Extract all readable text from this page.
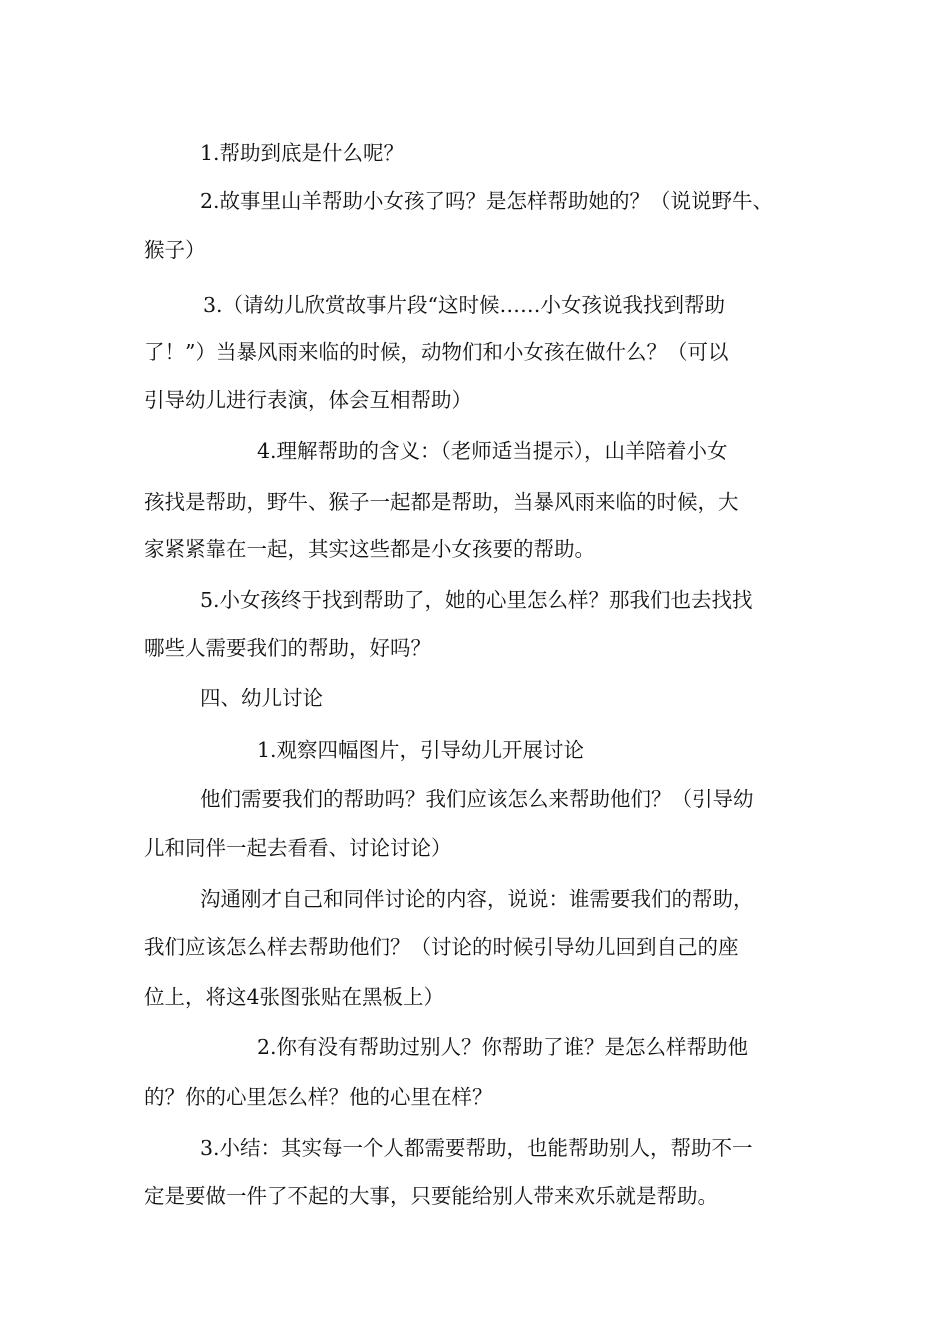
1.帮助到底是什么呢？

2.故事里山羊帮助小女孩了吗？是怎样帮助她的？（说说野牛、

猴子）

3.（请幼儿欣赏故事片段“这时候……小女孩说我找到帮助

了！”）当暴风雨来临的时候，动物们和小女孩在做什么？（可以

引导幼儿进行表演，体会互相帮助）

4.理解帮助的含义：（老师适当提示），山羊陪着小女

孩找是帮助，野牛、猴子一起都是帮助，当暴风雨来临的时候，大

家紧紧靠在一起，其实这些都是小女孩要的帮助。

5.小女孩终于找到帮助了，她的心里怎么样？那我们也去找找

哪些人需要我们的帮助，好吗？

四、幼儿讨论

1.观察四幅图片，引导幼儿开展讨论

他们需要我们的帮助吗？我们应该怎么来帮助他们？（引导幼

儿和同伴一起去看看、讨论讨论）

沟通刚才自己和同伴讨论的内容，说说：谁需要我们的帮助，

我们应该怎么样去帮助他们？（讨论的时候引导幼儿回到自己的座

位上，将这4张图张贴在黑板上）

2.你有没有帮助过别人？你帮助了谁？是怎么样帮助他

的？你的心里怎么样？他的心里在样？

3.小结：其实每一个人都需要帮助，也能帮助别人，帮助不一

定是要做一件了不起的大事，只要能给别人带来欢乐就是帮助。
